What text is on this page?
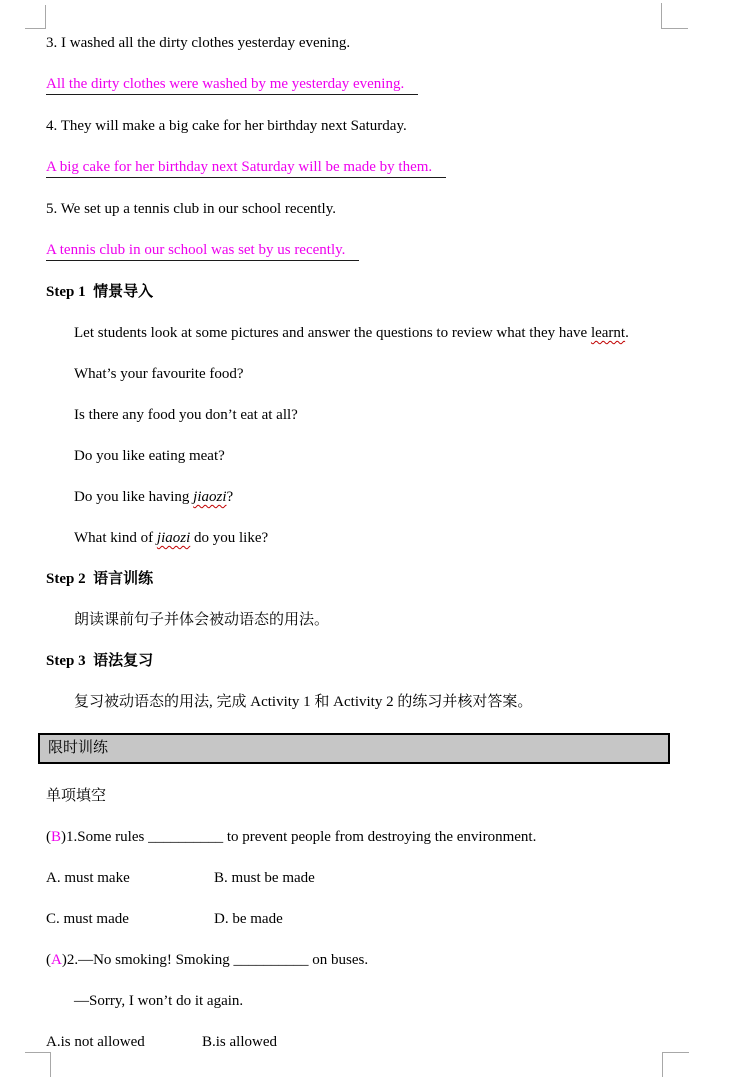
3. I washed all the dirty clothes yesterday evening.
All the dirty clothes were washed by me yesterday evening.
4. They will make a big cake for her birthday next Saturday.
A big cake for her birthday next Saturday will be made by them.
5. We set up a tennis club in our school recently.
A tennis club in our school was set by us recently.
Step 1  情景导入
Let students look at some pictures and answer the questions to review what they have learnt.
What’s your favourite food?
Is there any food you don’t eat at all?
Do you like eating meat?
Do you like having jiaozi?
What kind of jiaozi do you like?
Step 2  语言训练
朗读课前句子并体会被动语态的用法。
Step 3  语法复习
复习被动语态的用法, 完成 Activity 1 和 Activity 2 的练习并核对答案。
限时训练
单项填空
(B)1.Some rules __________ to prevent people from destroying the environment.
A. must make	B. must be made
C. must made	D. be made
(A)2.—No smoking! Smoking __________ on buses.
—Sorry, I won’t do it again.
A.is not allowed	B.is allowed
